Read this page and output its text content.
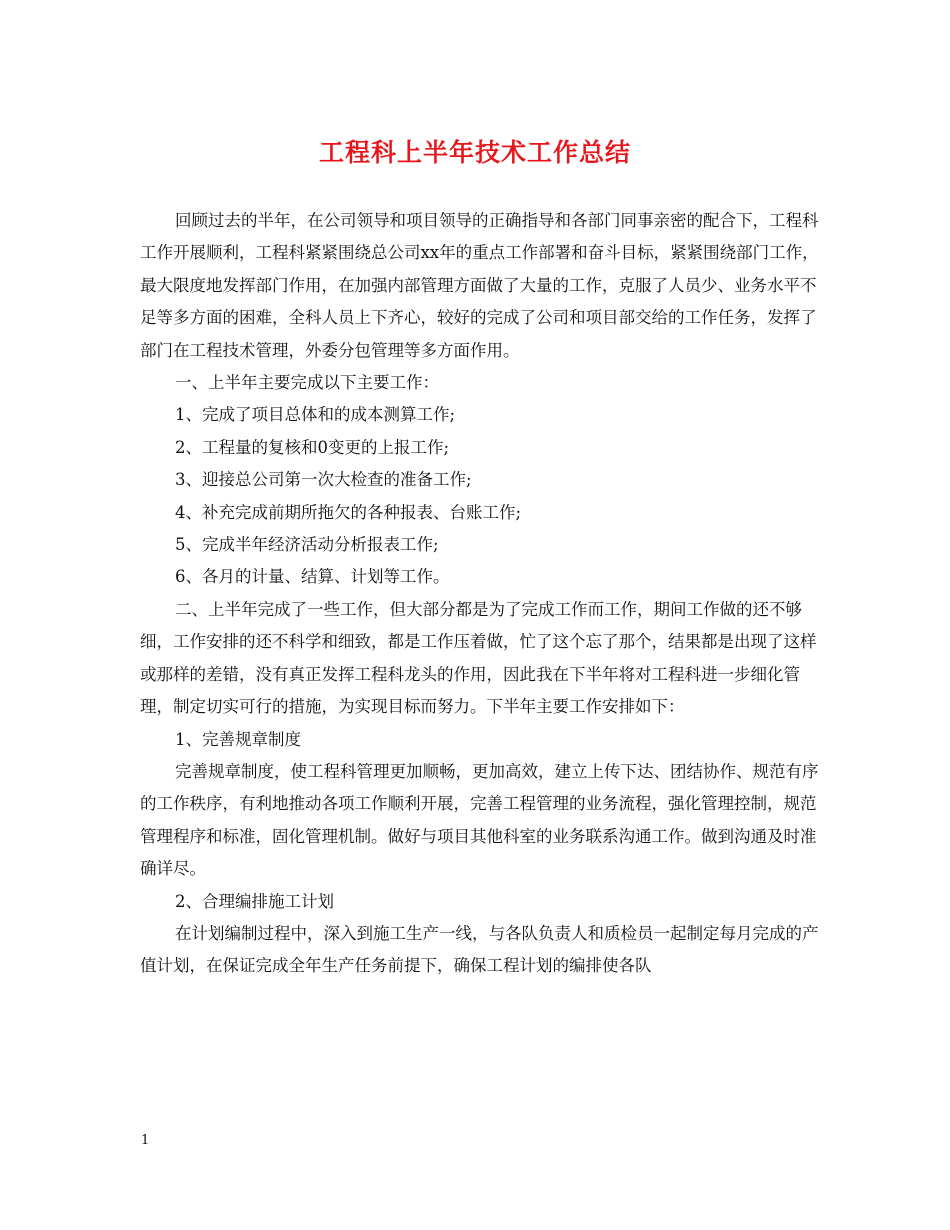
工程科上半年技术工作总结

回顾过去的半年，在公司领导和项目领导的正确指导和各部门同事亲密的配合下，工程科工作开展顺利，工程科紧紧围绕总公司xx年的重点工作部署和奋斗目标，紧紧围绕部门工作，最大限度地发挥部门作用，在加强内部管理方面做了大量的工作，克服了人员少、业务水平不足等多方面的困难，全科人员上下齐心，较好的完成了公司和项目部交给的工作任务，发挥了部门在工程技术管理，外委分包管理等多方面作用。

一、上半年主要完成以下主要工作：

1、完成了项目总体和的成本测算工作;

2、工程量的复核和0变更的上报工作;

3、迎接总公司第一次大检查的准备工作;

4、补充完成前期所拖欠的各种报表、台账工作;

5、完成半年经济活动分析报表工作;

6、各月的计量、结算、计划等工作。

二、上半年完成了一些工作，但大部分都是为了完成工作而工作，期间工作做的还不够细，工作安排的还不科学和细致，都是工作压着做，忙了这个忘了那个，结果都是出现了这样或那样的差错，没有真正发挥工程科龙头的作用，因此我在下半年将对工程科进一步细化管理，制定切实可行的措施，为实现目标而努力。下半年主要工作安排如下：

1、完善规章制度

完善规章制度，使工程科管理更加顺畅，更加高效，建立上传下达、团结协作、规范有序的工作秩序，有利地推动各项工作顺利开展，完善工程管理的业务流程，强化管理控制，规范管理程序和标准，固化管理机制。做好与项目其他科室的业务联系沟通工作。做到沟通及时准确详尽。

2、合理编排施工计划

在计划编制过程中，深入到施工生产一线，与各队负责人和质检员一起制定每月完成的产值计划，在保证完成全年生产任务前提下，确保工程计划的编排使各队

1
